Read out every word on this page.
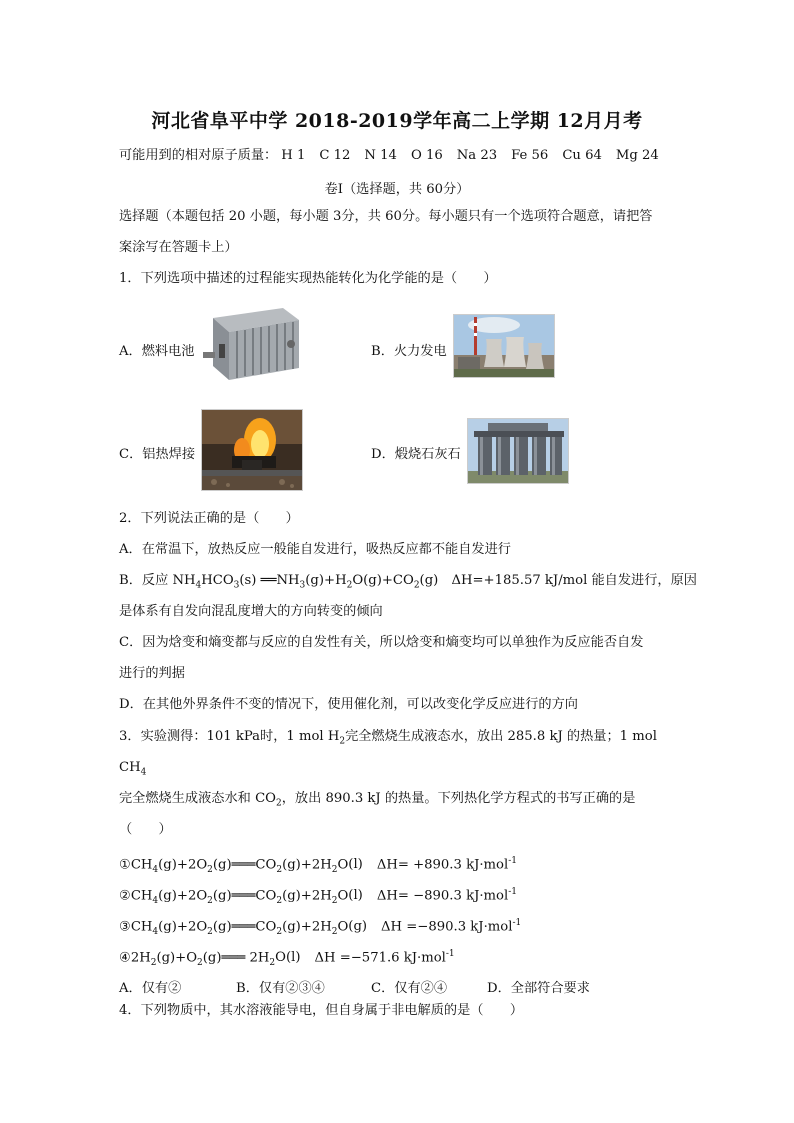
河北省阜平中学 2018-2019学年高二上学期 12月月考
可能用到的相对原子质量： H 1 C 12 N 14 O 16 Na 23 Fe 56 Cu 64 Mg 24
卷Ⅰ（选择题，共 60分）
选择题（本题包括 20 小题，每小题 3分，共 60分。每小题只有一个选项符合题意，请把答
案涂写在答题卡上）
1．下列选项中描述的过程能实现热能转化为化学能的是（　　）
A．燃料电池	B．火力发电
C．铝热焊接	D．煅烧石灰石
2．下列说法正确的是（　　）
A．在常温下，放热反应一般能自发进行，吸热反应都不能自发进行
B．反应 $NH_4HCO_3(s)$ $══NH_3(g)+H_2O(g)+CO_2(g)$　ΔH=+185.57 kJ/mol 能自发进行，原因
是体系有自发向混乱度增大的方向转变的倾向
C．因为焓变和熵变都与反应的自发性有关，所以焓变和熵变均可以单独作为反应能否自发
进行的判据
D．在其他外界条件不变的情况下，使用催化剂，可以改变化学反应进行的方向
3．实验测得：101 kPa时，1 mol $H_2$完全燃烧生成液态水，放出 285.8 kJ 的热量；1 mol
$CH_4$
完全燃烧生成液态水和 $CO_2$，放出 890.3 kJ 的热量。下列热化学方程式的书写正确的是
（　　）
$①CH_4(g)+2O_2(g)═══CO_2(g)+2H_2O(l)$ ΔH= +890.3 kJ·mol$^{-1}$
$②CH_4(g)+2O_2(g)═══CO_2(g)+2H_2O(l)$ ΔH= −890.3 kJ·mol$^{-1}$
$③CH_4(g)+2O_2(g)═══CO_2(g)+2H_2O(g)$ ΔH =−890.3 kJ·mol$^{-1}$
$④2H_2(g)+O_2(g)═══$ $2H_2O(l)$ ΔH =−571.6 kJ·mol$^{-1}$
A．仅有②	B．仅有②③④	C．仅有②④	D．全部符合要求
4．下列物质中，其水溶液能导电，但自身属于非电解质的是（　　）
